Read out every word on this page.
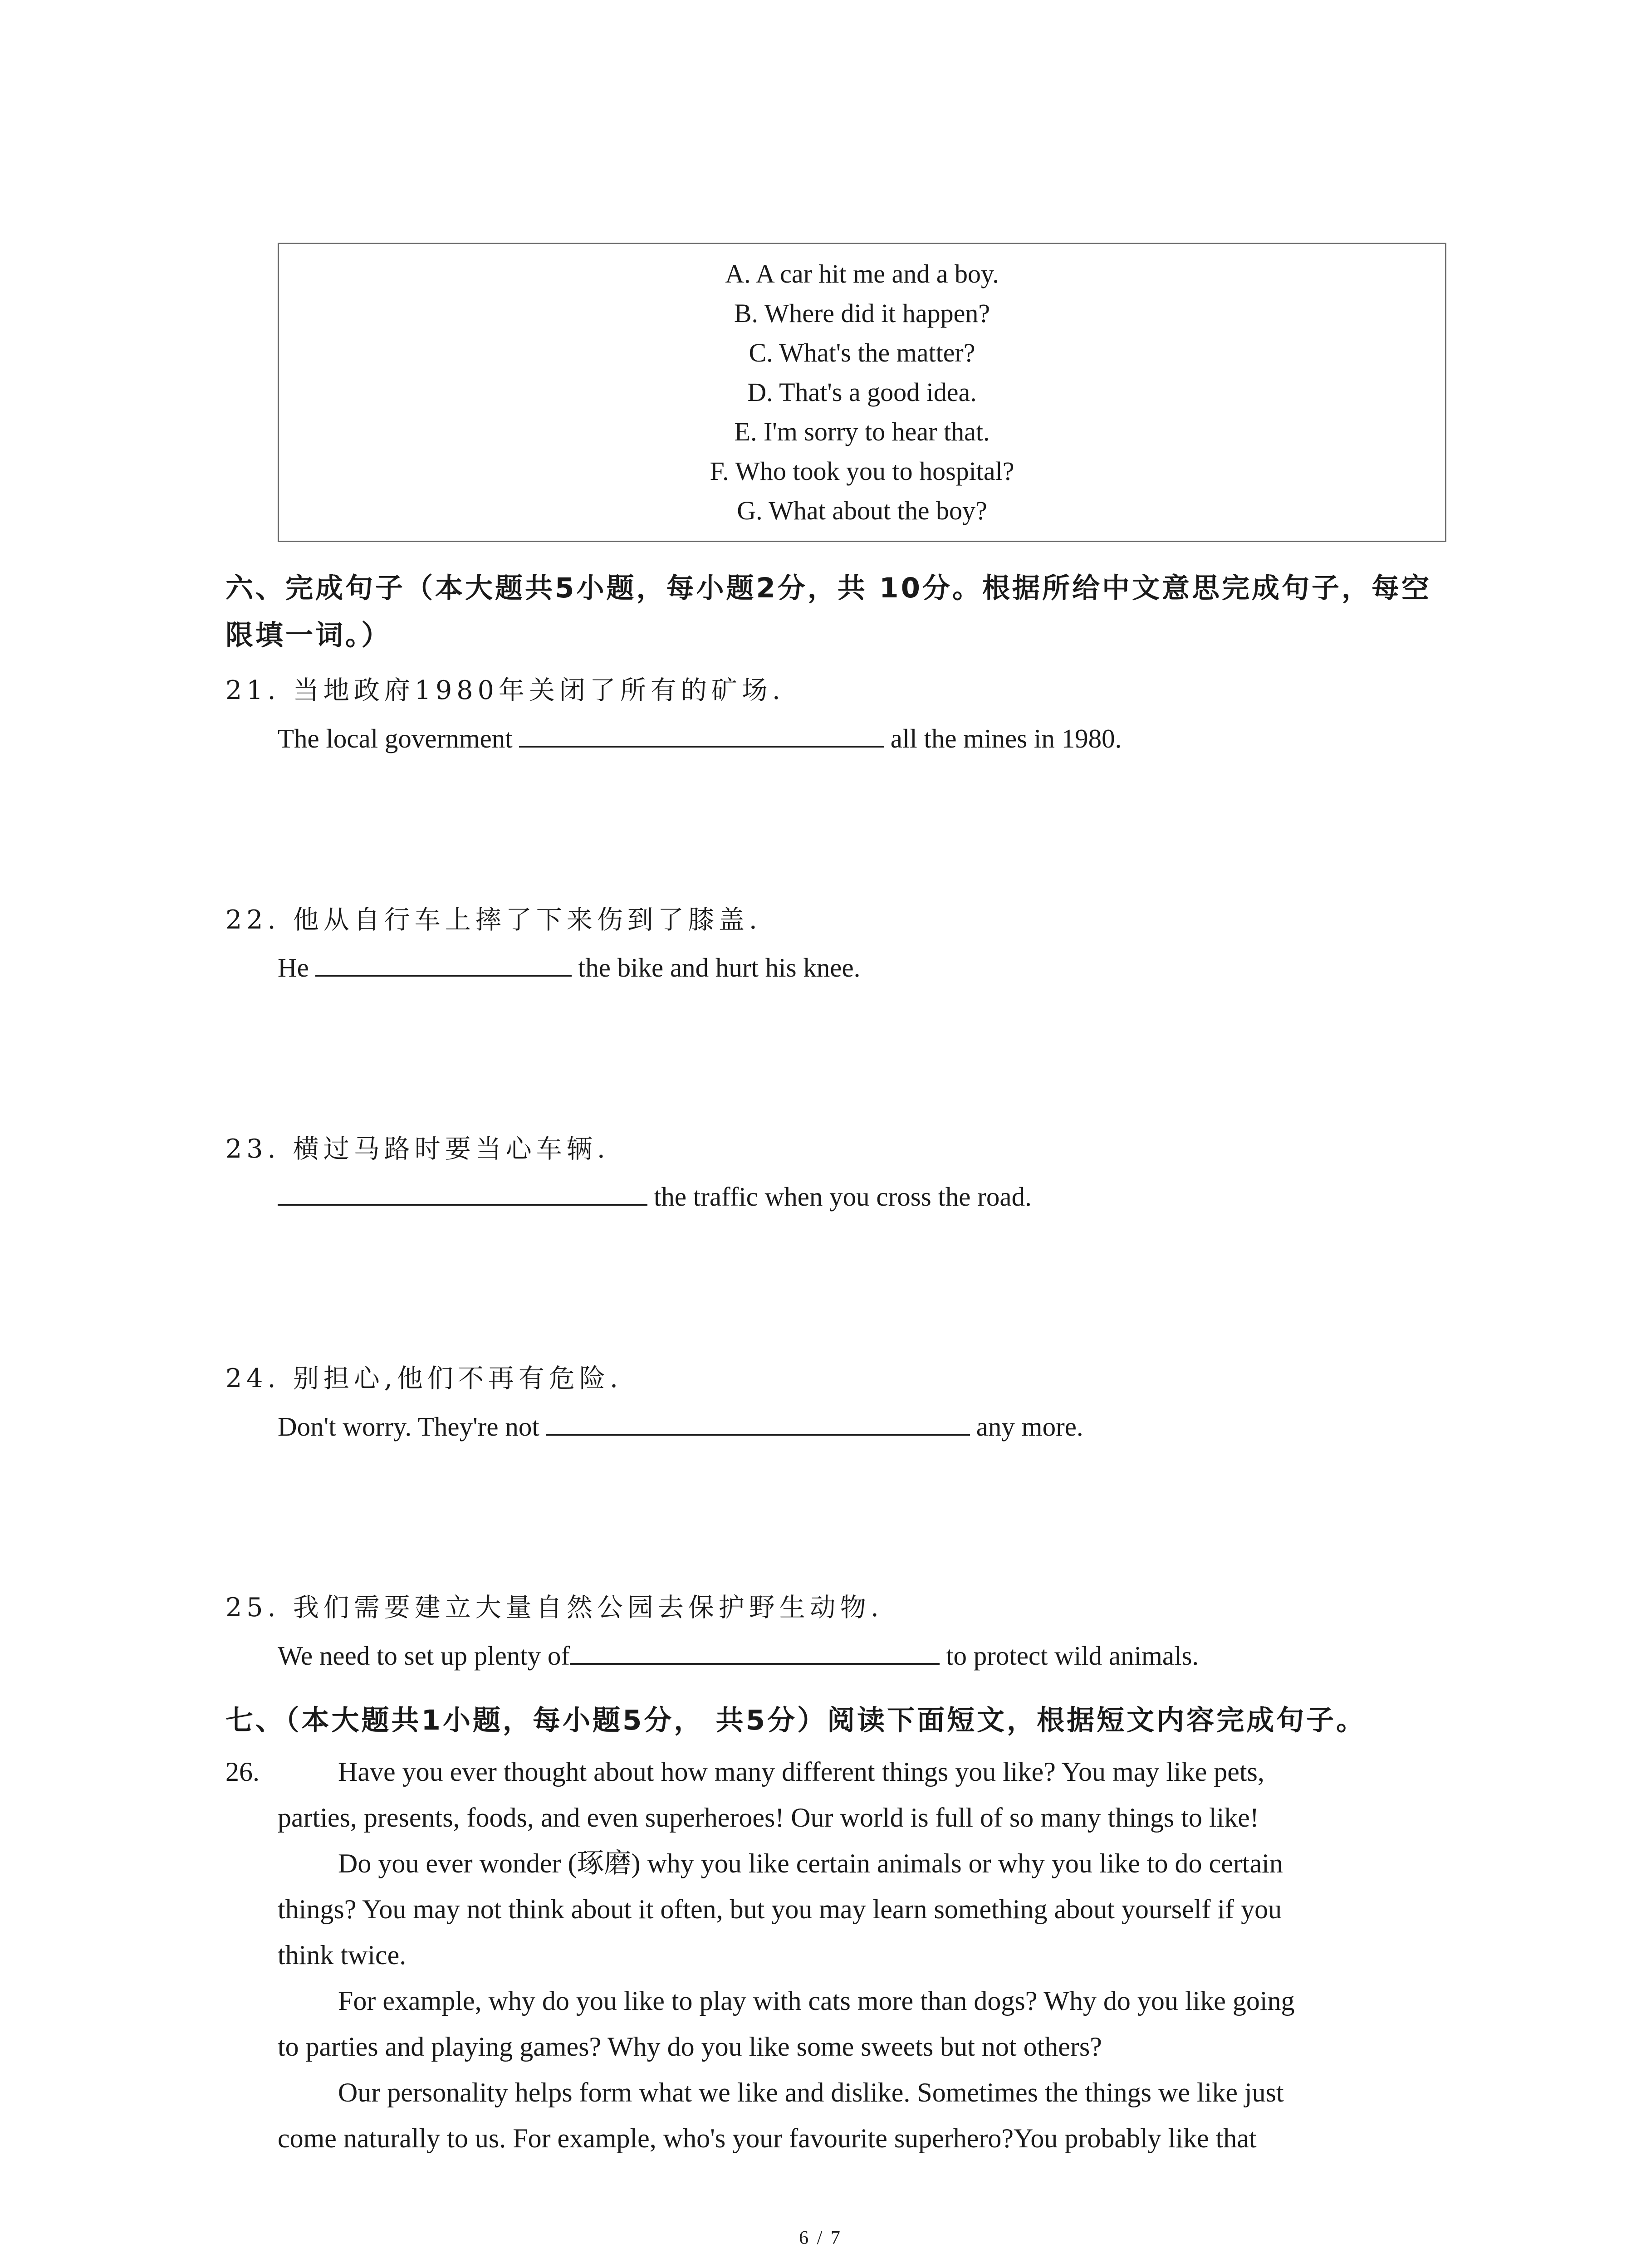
A. A car hit me and a boy.
B. Where did it happen?
C. What's the matter?
D. That's a good idea.
E. I'm sorry to hear that.
F. Who took you to hospital?
G. What about the boy?
六、完成句子（本大题共5小题，每小题2分，共 10分。根据所给中文意思完成句子，每空
限填一词。）
21. 当地政府1980年关闭了所有的矿场.
The local government	all the mines in 1980.
22. 他从自行车上摔了下来伤到了膝盖.
He	the bike and hurt his knee.
23. 横过马路时要当心车辆.
the traffic when you cross the road.
24. 别担心,他们不再有危险.
Don't worry. They're not	any more.
25. 我们需要建立大量自然公园去保护野生动物.
We need to set up plenty of	to protect wild animals.
七、（本大题共1小题，每小题5分， 共5分）阅读下面短文，根据短文内容完成句子。
26.	Have you ever thought about how many different things you like? You may like pets,
parties, presents, foods, and even superheroes! Our world is full of so many things to like!
Do you ever wonder (琢磨) why you like certain animals or why you like to do certain
things? You may not think about it often, but you may learn something about yourself if you
think twice.
For example, why do you like to play with cats more than dogs? Why do you like going
to parties and playing games? Why do you like some sweets but not others?
Our personality helps form what we like and dislike. Sometimes the things we like just
come naturally to us. For example, who's your favourite superhero?You probably like that
6 / 7
